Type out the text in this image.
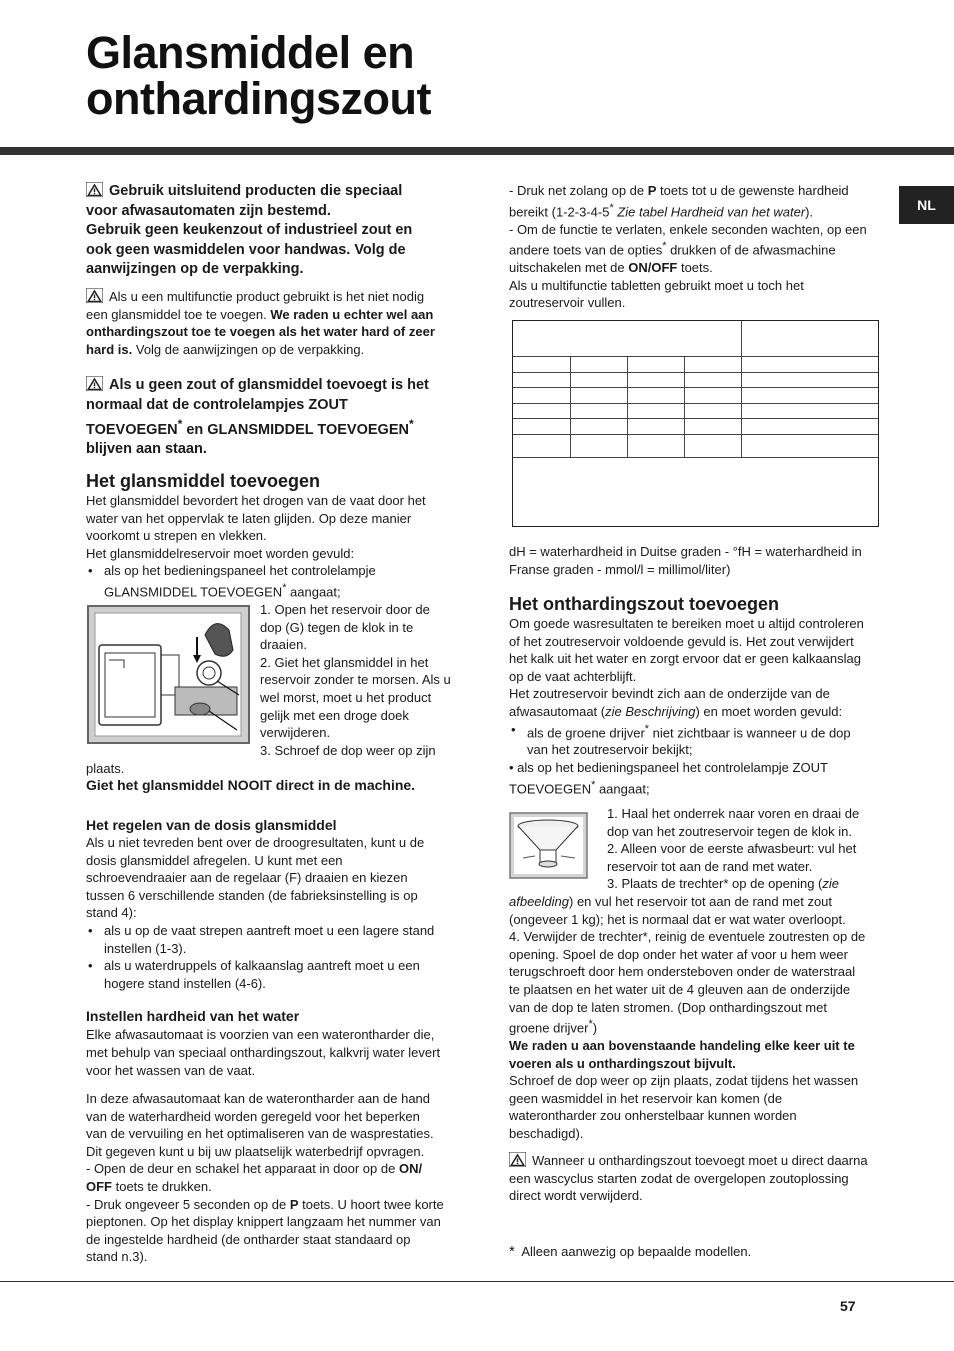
Glansmiddel en
onthardingszout
NL

Gebruik uitsluitend producten die speciaal

voor afwasautomaten zijn bestemd.

Gebruik geen keukenzout of industrieel zout en

ook geen wasmiddelen voor handwas. Volg de

aanwijzingen op de verpakking.

Als u een multifunctie product gebruikt is het niet nodig

een glansmiddel toe te voegen. We raden u echter wel aan

onthardingszout toe te voegen als het water hard of zeer

hard is. Volg de aanwijzingen op de verpakking.

Als u geen zout of glansmiddel toevoegt is het

normaal dat de controlelampjes ZOUT

TOEVOEGEN* en GLANSMIDDEL TOEVOEGEN*

blijven aan staan.

Het glansmiddel toevoegen

Het glansmiddel bevordert het drogen van de vaat door het

water van het oppervlak te laten glijden. Op deze manier

voorkomt u strepen en vlekken.

Het glansmiddelreservoir moet worden gevuld:

• als op het bedieningspaneel het controlelampje

GLANSMIDDEL TOEVOEGEN* aangaat;

1. Open het reservoir door de

dop (G) tegen de klok in te

draaien.

2. Giet het glansmiddel in het

reservoir zonder te morsen. Als u

wel morst, moet u het product

gelijk met een droge doek

verwijderen.

3. Schroef de dop weer op zijn

plaats.

Giet het glansmiddel NOOIT direct in de machine.

Het regelen van de dosis glansmiddel

Als u niet tevreden bent over de droogresultaten, kunt u de

dosis glansmiddel afregelen. U kunt met een

schroevendraaier aan de regelaar (F) draaien en kiezen

tussen 6 verschillende standen (de fabrieksinstelling is op

stand 4):

• als u op de vaat strepen aantreft moet u een lagere stand

instellen (1-3).

• als u waterdruppels of kalkaanslag aantreft moet u een

hogere stand instellen (4-6).

Instellen hardheid van het water

Elke afwasautomaat is voorzien van een waterontharder die,

met behulp van speciaal onthardingszout, kalkvrij water levert

voor het wassen van de vaat.

In deze afwasautomaat kan de waterontharder aan de hand

van de waterhardheid worden geregeld voor het beperken

van de vervuiling en het optimaliseren van de wasprestaties.

Dit gegeven kunt u bij uw plaatselijk waterbedrijf opvragen.

- Open de deur en schakel het apparaat in door op de ON/

OFF toets te drukken.

- Druk ongeveer 5 seconden op de P toets. U hoort twee korte

pieptonen. Op het display knippert langzaam het nummer van

de ingestelde hardheid (de ontharder staat standaard op

stand n.3).

- Druk net zolang op de P toets tot u de gewenste hardheid

bereikt (1-2-3-4-5* Zie tabel Hardheid van het water).

- Om de functie te verlaten, enkele seconden wachten, op een

andere toets van de opties* drukken of de afwasmachine

uitschakelen met de ON/OFF toets.

Als u multifunctie tabletten gebruikt moet u toch het

zoutreservoir vullen.

dH = waterhardheid in Duitse graden - °fH = waterhardheid in

Franse graden - mmol/l = millimol/liter)

Het onthardingszout toevoegen

Om goede wasresultaten te bereiken moet u altijd controleren

of het zoutreservoir voldoende gevuld is. Het zout verwijdert

het kalk uit het water en zorgt ervoor dat er geen kalkaanslag

op de vaat achterblijft.

Het zoutreservoir bevindt zich aan de onderzijde van de

afwasautomaat (zie Beschrijving) en moet worden gevuld:

• als de groene drijver* niet zichtbaar is wanneer u de dop

van het zoutreservoir bekijkt;

• als op het bedieningspaneel het controlelampje ZOUT

TOEVOEGEN* aangaat;

1. Haal het onderrek naar voren en draai de

dop van het zoutreservoir tegen de klok in.

2. Alleen voor de eerste afwasbeurt: vul het

reservoir tot aan de rand met water.

3. Plaats de trechter* op de opening (zie

afbeelding) en vul het reservoir tot aan de rand met zout

(ongeveer 1 kg); het is normaal dat er wat water overloopt.

4. Verwijder de trechter*, reinig de eventuele zoutresten op de

opening. Spoel de dop onder het water af voor u hem weer

terugschroeft door hem ondersteboven onder de waterstraal

te plaatsen en het water uit de 4 gleuven aan de onderzijde

van de dop te laten stromen. (Dop onthardingszout met

groene drijver*)

We raden u aan bovenstaande handeling elke keer uit te

voeren als u onthardingszout bijvult.

Schroef de dop weer op zijn plaats, zodat tijdens het wassen

geen wasmiddel in het reservoir kan komen (de

waterontharder zou onherstelbaar kunnen worden

beschadigd).

Wanneer u onthardingszout toevoegt moet u direct daarna

een wascyclus starten zodat de overgelopen zoutoplossing

direct wordt verwijderd.

* Alleen aanwezig op bepaalde modellen.

57
